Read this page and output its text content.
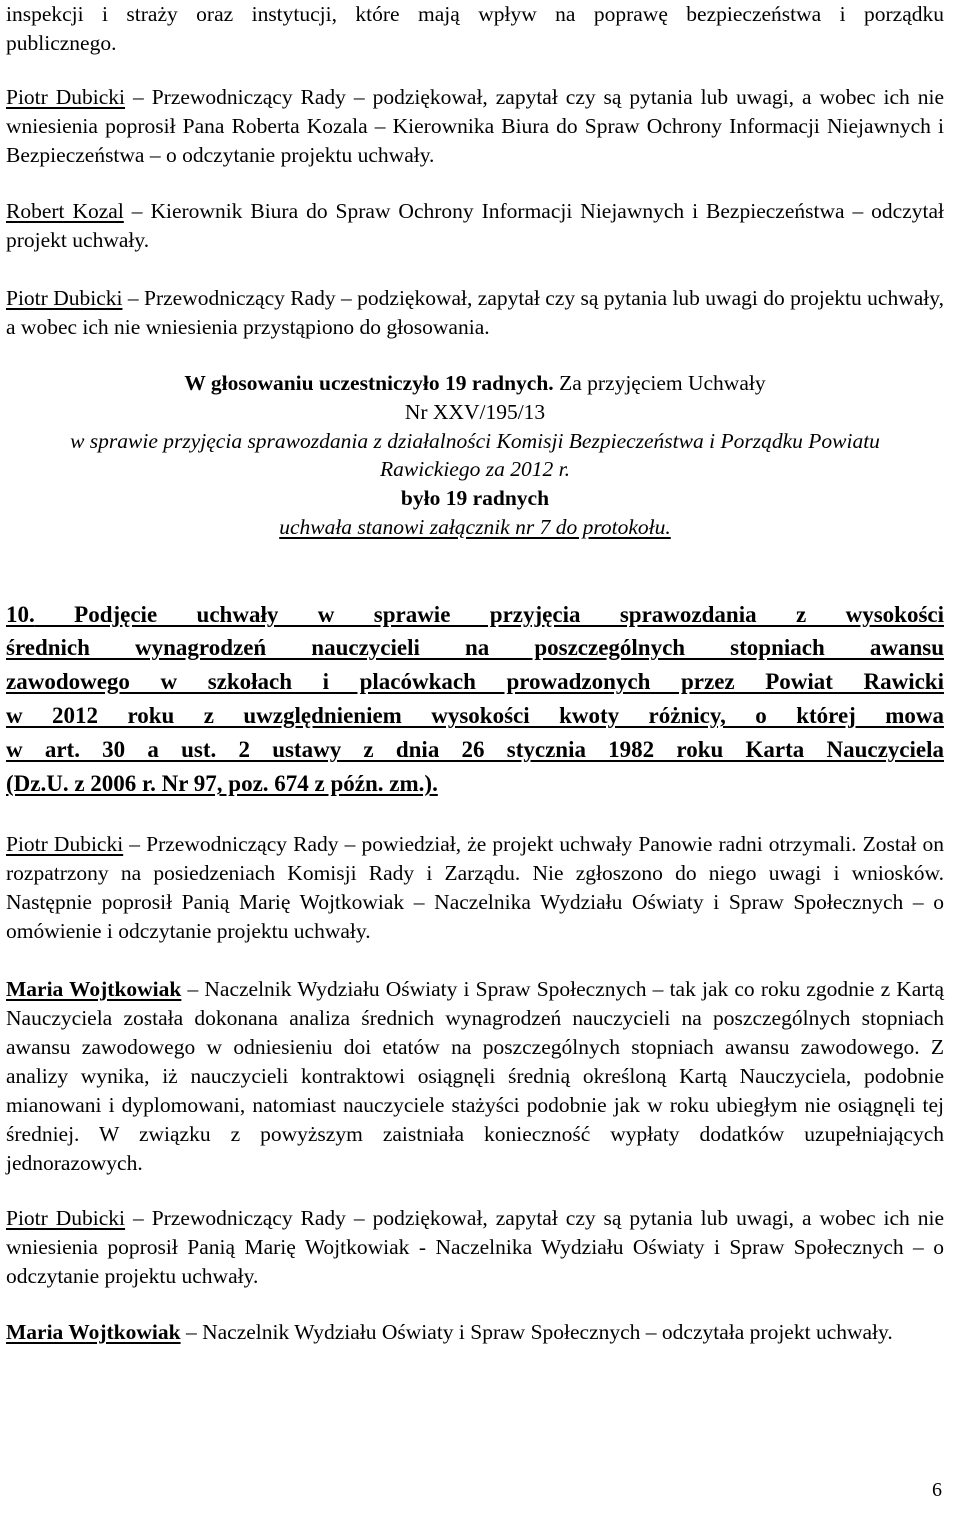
inspekcji i straży oraz instytucji, które mają wpływ na poprawę bezpieczeństwa i porządku

publicznego.

Piotr Dubicki – Przewodniczący Rady – podziękował, zapytał czy są pytania lub uwagi, a wobec ich nie wniesienia poprosił Pana Roberta Kozala – Kierownika Biura do Spraw Ochrony Informacji Niejawnych i Bezpieczeństwa – o odczytanie projektu uchwały.

Robert Kozal – Kierownik Biura do Spraw Ochrony Informacji Niejawnych i Bezpieczeństwa – odczytał projekt uchwały.

Piotr Dubicki – Przewodniczący Rady – podziękował, zapytał czy są pytania lub uwagi do projektu uchwały, a wobec ich nie wniesienia przystąpiono do głosowania.

W głosowaniu uczestniczyło 19 radnych. Za przyjęciem Uchwały

Nr XXV/195/13

w sprawie przyjęcia sprawozdania z działalności Komisji Bezpieczeństwa i Porządku Powiatu

Rawickiego za 2012 r.

było 19 radnych

uchwała stanowi załącznik nr 7 do protokołu.

10. Podjęcie uchwały w sprawie przyjęcia sprawozdania z wysokości

średnich wynagrodzeń nauczycieli na poszczególnych stopniach awansu

zawodowego w szkołach i placówkach prowadzonych przez Powiat Rawicki

w 2012 roku z uwzględnieniem wysokości kwoty różnicy, o której mowa

w art. 30 a ust. 2 ustawy z dnia 26 stycznia 1982 roku Karta Nauczyciela

(Dz.U. z 2006 r. Nr 97, poz. 674 z późn. zm.).

Piotr Dubicki – Przewodniczący Rady – powiedział, że projekt uchwały Panowie radni otrzymali. Został on rozpatrzony na posiedzeniach Komisji Rady i Zarządu. Nie zgłoszono do niego uwagi i wniosków. Następnie poprosił Panią Marię Wojtkowiak – Naczelnika Wydziału Oświaty i Spraw Społecznych – o omówienie i odczytanie projektu uchwały.

Maria Wojtkowiak – Naczelnik Wydziału Oświaty i Spraw Społecznych – tak jak co roku zgodnie z Kartą Nauczyciela została dokonana analiza średnich wynagrodzeń nauczycieli na poszczególnych stopniach awansu zawodowego w odniesieniu doi etatów na poszczególnych stopniach awansu zawodowego. Z analizy wynika, iż nauczycieli kontraktowi osiągnęli średnią określoną Kartą Nauczyciela, podobnie mianowani i dyplomowani, natomiast nauczyciele stażyści podobnie jak w roku ubiegłym nie osiągnęli tej średniej. W związku z powyższym zaistniała konieczność wypłaty dodatków uzupełniających jednorazowych.

Piotr Dubicki – Przewodniczący Rady – podziękował, zapytał czy są pytania lub uwagi, a wobec ich nie wniesienia poprosił Panią Marię Wojtkowiak - Naczelnika Wydziału Oświaty i Spraw Społecznych – o odczytanie projektu uchwały.

Maria Wojtkowiak – Naczelnik Wydziału Oświaty i Spraw Społecznych – odczytała projekt uchwały.

6
